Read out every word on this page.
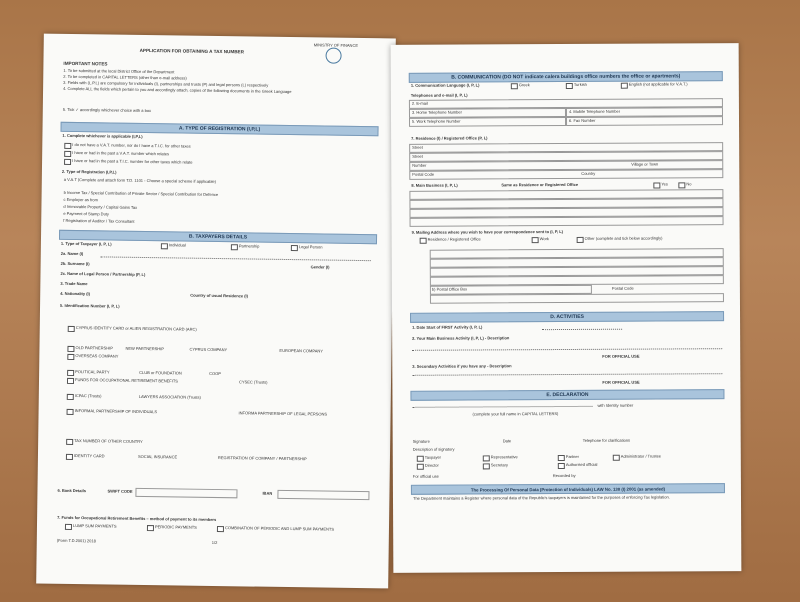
MINISTRY OF FINANCE
APPLICATION FOR OBTAINING A TAX NUMBER
IMPORTANT NOTES
1. To be submitted at the local District Office of the Department
2. To be completed in CAPITAL LETTERS (other than e-mail address)
3. Fields with (L.P.L) are compulsory for individuals (I), partnerships and trusts (P) and legal persons (L) respectively
4. Complete ALL the fields which pertain to you and accordingly attach, copies of the following documents in the Greek Language
5. Tick ✓ accordingly whichever choice with a box
A. TYPE OF REGISTRATION (I,P,L)
1. Complete whichever is applicable (I,P,L)
I do not have a V.A.T. number, nor do I have a T.I.C. for other taxes
I have or had in the past a V.A.T. number which relates
I have or had in the past a T.I.C. number for other taxes which relate
2. Type of Registration (I,P,L)
a V.A.T (Complete and attach form T.D. 1101 - Choose a special scheme if applicable)
b Income Tax / Special Contribution of Private Sector / Special Contribution for Defence
c Employer as from
d Immovable Property / Capital Gains Tax
e Payment of Stamp Duty
f Registration of Auditor / Tax Consultant
B. TAXPAYERS DETAILS
1. Type of Taxpayer (I, P, L)	Individual	Partnership	Legal Person
2a. Name (I)
2b. Surname (I)
Gender (I)
2c. Name of Legal Person / Partnership (P, L)
3. Trade Name
4. Nationality (I)	Country of usual Residence (I)
5. Identification Number (I, P, L)
CYPRUS IDENTITY CARD or ALIEN REGISTRATION CARD (ARC)
OLD PARTNERSHIP	NEW PARTNERSHIP	CYPRUS COMPANY	EUROPEAN COMPANY
OVERSEAS COMPANY
POLITICAL PARTY	CLUB or FOUNDATION	COOP
FUNDS FOR OCCUPATIONAL RETIREMENT BENEFITS	CYSEC (Trusts)
ICPAC (Trusts)	LAWYERS ASSOCIATION (Trusts)
INFORMAL PARTNERSHIP OF INDIVIDUALS	INFORMA PARTNERSHIP OF LEGAL PERSONS
TAX NUMBER OF OTHER COUNTRY
IDENTITY CARD	SOCIAL INSURANCE	REGISTRATION OF COMPANY / PARTNERSHIP
6. Bank Details	SWIFT CODE	IBAN
7. Funds for Occupational Retirement Benefits – method of payment to its members
LUMP SUM PAYMENTS	PERIODIC PAYMENTS	COMBINATION OF PERIODIC AND LUMP SUM PAYMENTS
(Form T.D.2001) 2018	1/2
B. COMMUNICATION (DO NOT indicate calera buildings office numbers the office or apartments)
1. Communication Language (I, P, L)	Greek	Turkish	English (not applicable for V.A.T.)
Telephones and e-mail (I, P, L)
2. E-mail
3. Home Telephone Number	4. Mobile Telephone Number
5. Work Telephone Number	6. Fax Number
7. Residence (I) / Registered Office (P, L)
Street
Street
Number	Village or Town
Postal Code	Country
8. Main Business (I, P, L)	Same as Residence or Registered Office	Yes	No
9. Mailing Address where you wish to have your correspondence sent to (I, P, L)
Residence / Registered Office	Work	Other (complete and tick below accordingly)
b) Postal Office Box	Postal Code
D. ACTIVITIES
1. Date Start of FIRST Activity (I, P, L)
2. Your Main Business Activity (I, P, L) - Description
FOR OFFICIAL USE
3. Secondary Activities if you have any - Description
FOR OFFICIAL USE
E. DECLARATION
with Identity number
(complete your full name in CAPITAL LETTERS)
Signature	Date	Telephone for clarifications
Description of signatory
Taxpayer	Representative	Partner	Administrator / Trustee
Director	Secretary	Authorised official
For official use	Recorded by
The Processing Of Personal Data (Protection of Individuals) LAW No. 138 (I) 2001 (as amended)
The Department maintains a Register where personal data of the Republic's taxpayers is maintained for the purposes of enforcing Tax legislation.
